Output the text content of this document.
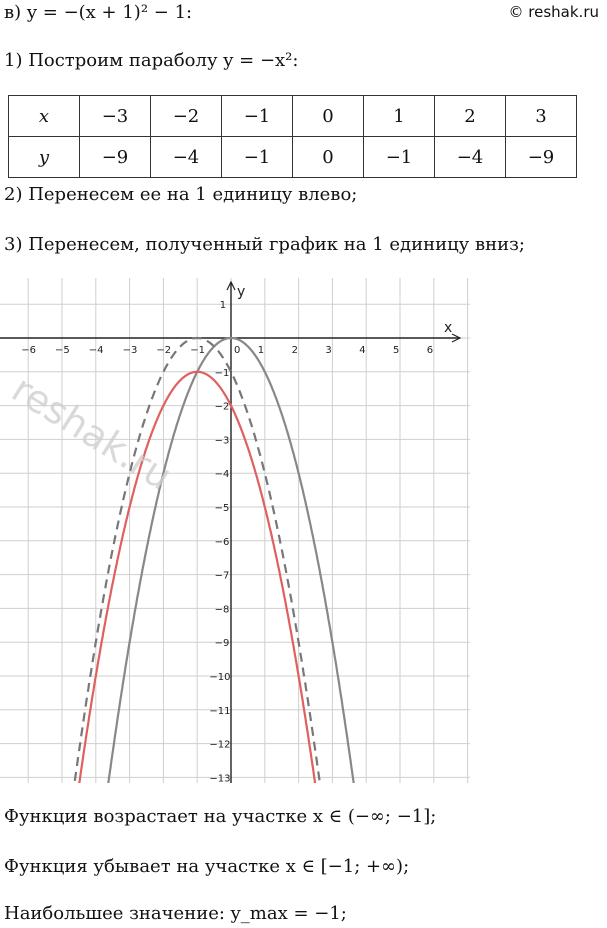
в) y = −(x + 1)² − 1:	© reshak.ru
1) Построим параболу y = −x²:
x	−3	−2	−1	0	1	2	3
y	−9	−4	−1	0	−1	−4	−9
2) Перенесем ее на 1 единицу влево;
3) Перенесем, полученный график на 1 единицу вниз;
x
y
−6 −5 −4 −3 −2 −1	0 1	2	3	4	5	6
1
−1
−2
−3
−4
−5
−6
−7
−8
−9
−10
−11
−12
−13
reshak.ru
Функция возрастает на участке x ∈ (−∞; −1];
Функция убывает на участке x ∈ [−1; +∞);
Наибольшее значение: y_max = −1;
